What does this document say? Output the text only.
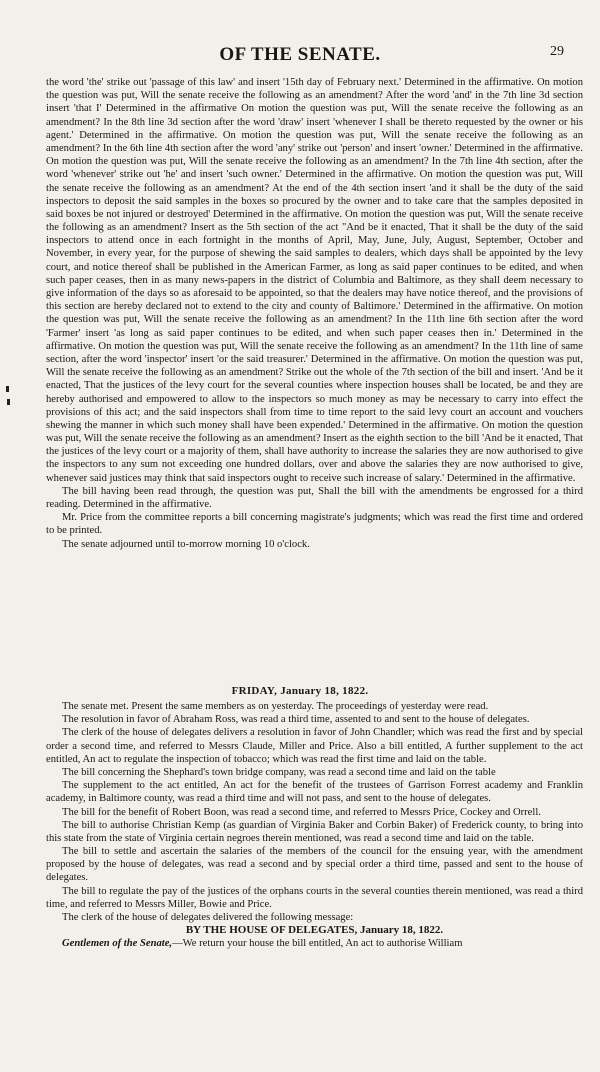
OF THE SENATE.	29

the word 'the' strike out 'passage of this law' and insert '15th day of February next.' Determined in the affirmative. On motion the question was put, Will the senate receive the following as an amendment? After the word 'and' in the 7th line 3d section insert 'that I' Determined in the affirmative On motion the question was put, Will the senate receive the following as an amendment? In the 8th line 3d section after the word 'draw' insert 'whenever I shall be thereto requested by the owner or his agent.' Determined in the affirmative. On motion the question was put, Will the senate receive the following as an amendment? In the 6th line 4th section after the word 'any' strike out 'person' and insert 'owner.' Determined in the affirmative. On motion the question was put, Will the senate receive the following as an amendment? In the 7th line 4th section, after the word 'whenever' strike out 'he' and insert 'such owner.' Determined in the affirmative. On motion the question was put, Will the senate receive the following as an amendment? At the end of the 4th section insert 'and it shall be the duty of the said inspectors to deposit the said samples in the boxes so procured by the owner and to take care that the samples deposited in said boxes be not injured or destroyed' Determined in the affirmative. On motion the question was put, Will the senate receive the following as an amendment? Insert as the 5th section of the act "And be it enacted, That it shall be the duty of the said inspectors to attend once in each fortnight in the months of April, May, June, July, August, September, October and November, in every year, for the purpose of shewing the said samples to dealers, which days shall be appointed by the levy court, and notice thereof shall be published in the American Farmer, as long as said paper continues to be edited, and when such paper ceases, then in as many news-papers in the district of Columbia and Baltimore, as they shall deem necessary to give information of the days so as aforesaid to be appointed, so that the dealers may have notice thereof, and the provisions of this section are hereby declared not to extend to the city and county of Baltimore.' Determined in the affirmative. On motion the question was put, Will the senate receive the following as an amendment? In the 11th line 6th section after the word 'Farmer' insert 'as long as said paper continues to be edited, and when such paper ceases then in.' Determined in the affirmative. On motion the question was put, Will the senate receive the following as an amendment? In the 11th line of same section, after the word 'inspector' insert 'or the said treasurer.' Determined in the affirmative. On motion the question was put, Will the senate receive the following as an amendment? Strike out the whole of the 7th section of the bill and insert. 'And be it enacted, That the justices of the levy court for the several counties where inspection houses shall be located, be and they are hereby authorised and empowered to allow to the inspectors so much money as may be necessary to carry into effect the provisions of this act; and the said inspectors shall from time to time report to the said levy court an account and vouchers shewing the manner in which such money shall have been expended.' Determined in the affirmative. On motion the question was put, Will the senate receive the following as an amendment? Insert as the eighth section to the bill 'And be it enacted, That the justices of the levy court or a majority of them, shall have authority to increase the salaries they are now authorised to give the inspectors to any sum not exceeding one hundred dollars, over and above the salaries they are now authorised to give, whenever said justices may think that said inspectors ought to receive such increase of salary.' Determined in the affirmative.

The bill having been read through, the question was put, Shall the bill with the amendments be engrossed for a third reading. Determined in the affirmative.

Mr. Price from the committee reports a bill concerning magistrate's judgments; which was read the first time and ordered to be printed.

The senate adjourned until to-morrow morning 10 o'clock.

FRIDAY, January 18, 1822.

The senate met. Present the same members as on yesterday. The proceedings of yesterday were read.

The resolution in favor of Abraham Ross, was read a third time, assented to and sent to the house of delegates.

The clerk of the house of delegates delivers a resolution in favor of John Chandler; which was read the first and by special order a second time, and referred to Messrs Claude, Miller and Price. Also a bill entitled, A further supplement to the act entitled, An act to regulate the inspection of tobacco; which was read the first time and laid on the table.

The bill concerning the Shephard's town bridge company, was read a second time and laid on the table

The supplement to the act entitled, An act for the benefit of the trustees of Garrison Forrest academy and Franklin academy, in Baltimore county, was read a third time and will not pass, and sent to the house of delegates.

The bill for the benefit of Robert Boon, was read a second time, and referred to Messrs Price, Cockey and Orrell.

The bill to authorise Christian Kemp (as guardian of Virginia Baker and Corbin Baker) of Frederick county, to bring into this state from the state of Virginia certain negroes therein mentioned, was read a second time and laid on the table.

The bill to settle and ascertain the salaries of the members of the council for the ensuing year, with the amendment proposed by the house of delegates, was read a second and by special order a third time, passed and sent to the house of delegates.

The bill to regulate the pay of the justices of the orphans courts in the several counties therein mentioned, was read a third time, and referred to Messrs Miller, Bowie and Price.

The clerk of the house of delegates delivered the following message:

BY THE HOUSE OF DELEGATES, January 18, 1822.

Gentlemen of the Senate,—We return your house the bill entitled, An act to authorise William
